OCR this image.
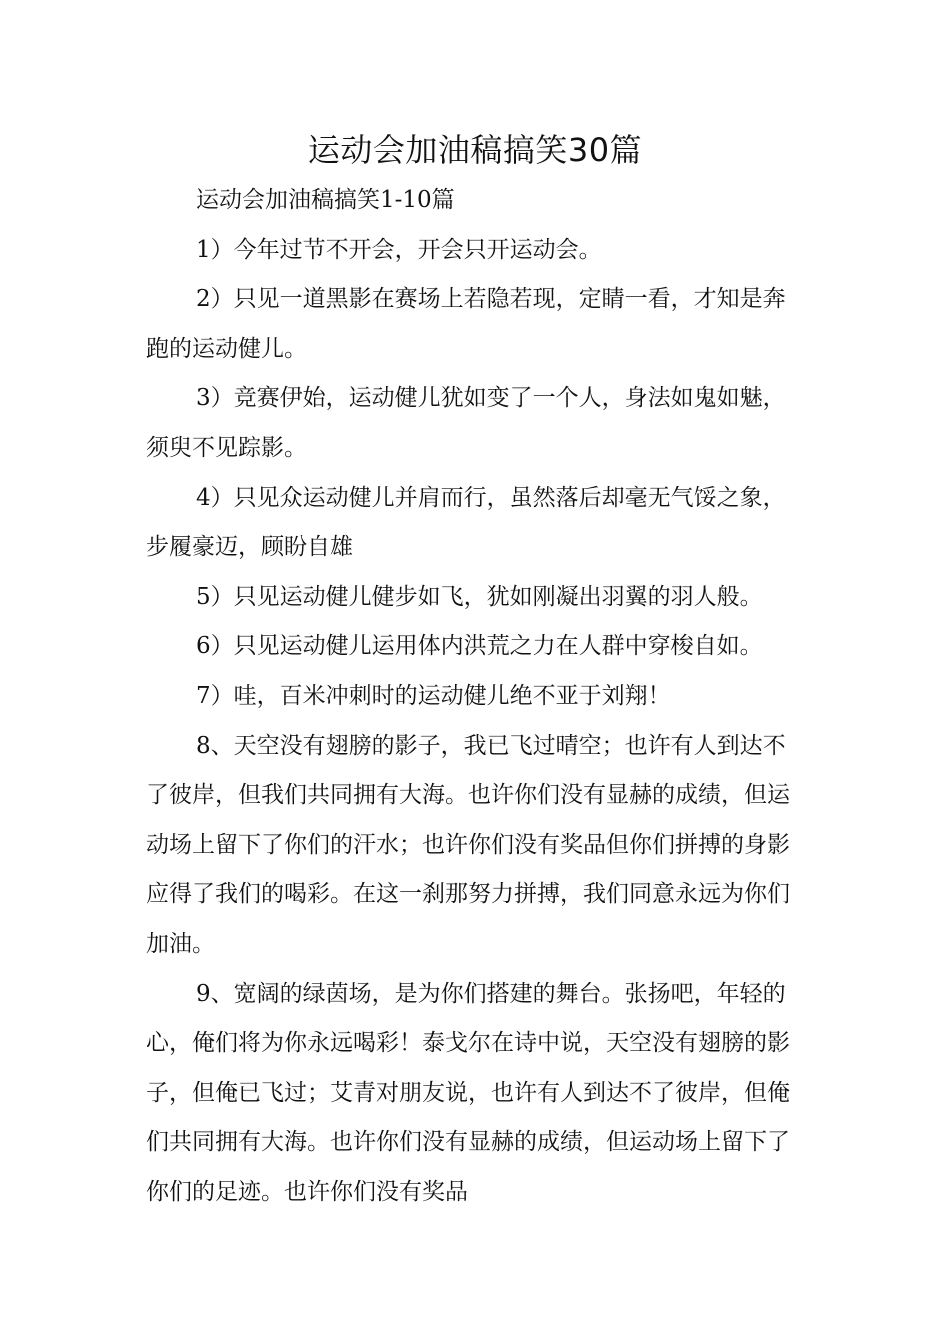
运动会加油稿搞笑30篇

运动会加油稿搞笑1-10篇

1）今年过节不开会，开会只开运动会。

2）只见一道黑影在赛场上若隐若现，定睛一看，才知是奔跑的运动健儿。

3）竞赛伊始，运动健儿犹如变了一个人，身法如鬼如魅，须臾不见踪影。

4）只见众运动健儿并肩而行，虽然落后却毫无气馁之象，步履豪迈，顾盼自雄

5）只见运动健儿健步如飞，犹如刚凝出羽翼的羽人般。

6）只见运动健儿运用体内洪荒之力在人群中穿梭自如。

7）哇，百米冲刺时的运动健儿绝不亚于刘翔！

8、天空没有翅膀的影子，我已飞过晴空；也许有人到达不了彼岸，但我们共同拥有大海。也许你们没有显赫的成绩，但运动场上留下了你们的汗水；也许你们没有奖品但你们拼搏的身影应得了我们的喝彩。在这一刹那努力拼搏，我们同意永远为你们加油。

9、宽阔的绿茵场，是为你们搭建的舞台。张扬吧，年轻的心，俺们将为你永远喝彩！泰戈尔在诗中说，天空没有翅膀的影子，但俺已飞过；艾青对朋友说，也许有人到达不了彼岸，但俺们共同拥有大海。也许你们没有显赫的成绩，但运动场上留下了你们的足迹。也许你们没有奖品
